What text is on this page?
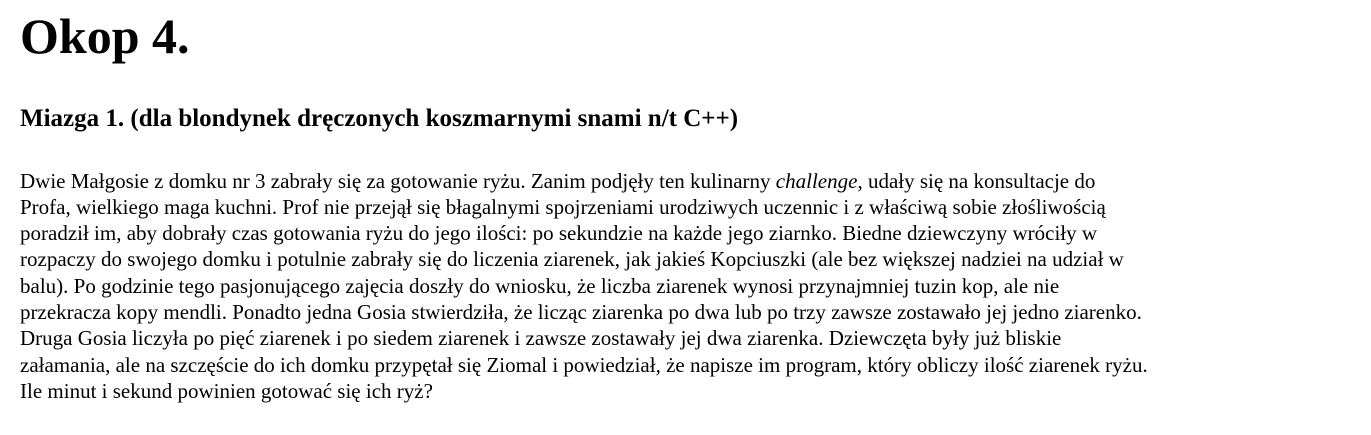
Okop 4.
Miazga 1. (dla blondynek dręczonych koszmarnymi snami n/t C++)

Dwie Małgosie z domku nr 3 zabrały się za gotowanie ryżu. Zanim podjęły ten kulinarny challenge, udały się na konsultacje do
Profa, wielkiego maga kuchni. Prof nie przejął się błagalnymi spojrzeniami urodziwych uczennic i z właściwą sobie złośliwością
poradził im, aby dobrały czas gotowania ryżu do jego ilości: po sekundzie na każde jego ziarnko. Biedne dziewczyny wróciły w
rozpaczy do swojego domku i potulnie zabrały się do liczenia ziarenek, jak jakieś Kopciuszki (ale bez większej nadziei na udział w
balu). Po godzinie tego pasjonującego zajęcia doszły do wniosku, że liczba ziarenek wynosi przynajmniej tuzin kop, ale nie
przekracza kopy mendli. Ponadto jedna Gosia stwierdziła, że licząc ziarenka po dwa lub po trzy zawsze zostawało jej jedno ziarenko.
Druga Gosia liczyła po pięć ziarenek i po siedem ziarenek i zawsze zostawały jej dwa ziarenka. Dziewczęta były już bliskie
załamania, ale na szczęście do ich domku przypętał się Ziomal i powiedział, że napisze im program, który obliczy ilość ziarenek ryżu.
Ile minut i sekund powinien gotować się ich ryż?
